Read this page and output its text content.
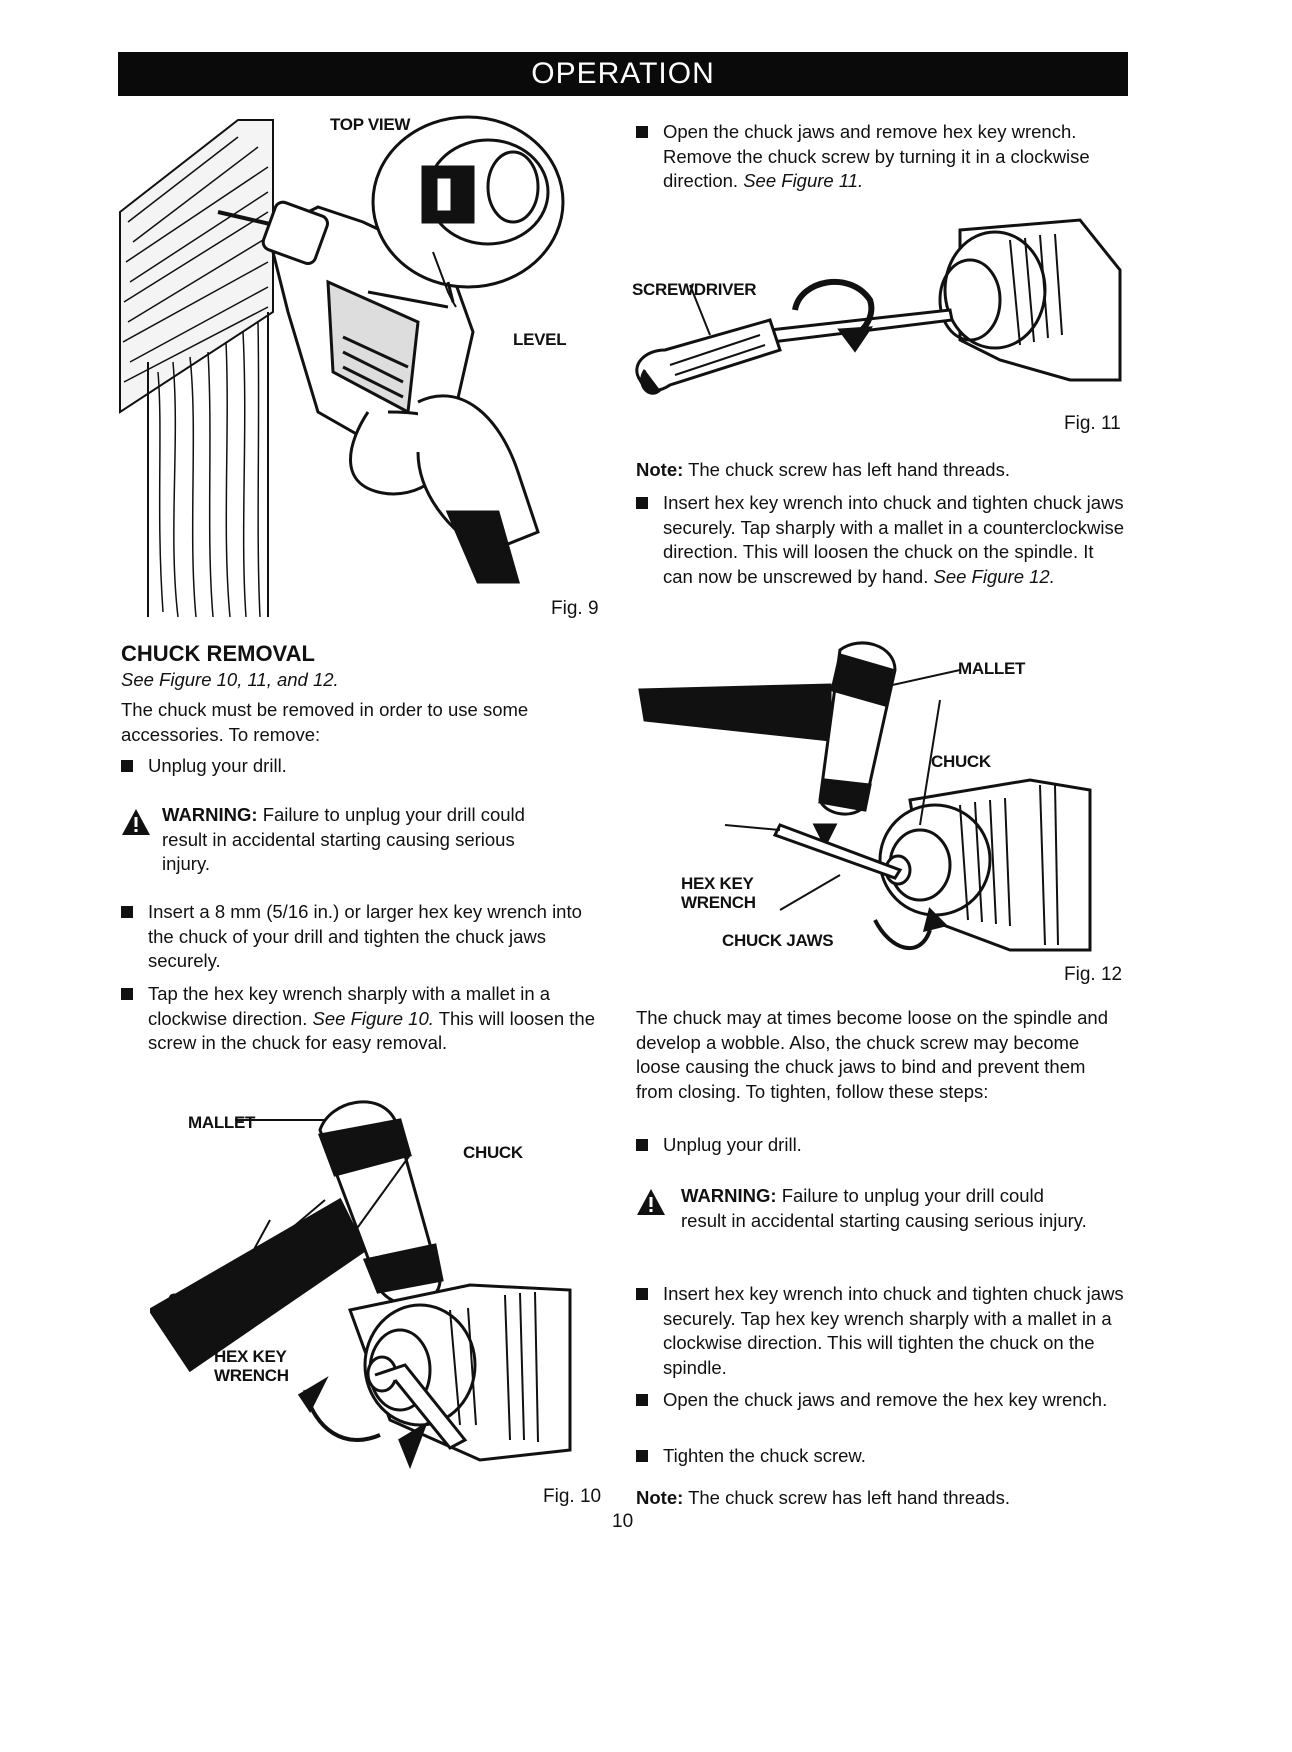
OPERATION
TOP VIEW
LEVEL
Fig. 9
CHUCK REMOVAL
See Figure 10, 11, and 12.
The chuck must be removed in order to use some accessories. To remove:
Unplug your drill.
WARNING: Failure to unplug your drill could result in accidental starting causing serious injury.
Insert a 8 mm (5/16 in.) or larger hex key wrench into the chuck of your drill and tighten the chuck jaws securely.
Tap the hex key wrench sharply with a mallet in a clockwise direction. See Figure 10. This will loosen the screw in the chuck for easy removal.
MALLET
CHUCK
CHUCK JAWS
HEX KEY
WRENCH
Fig. 10
Open the chuck jaws and remove hex key wrench. Remove the chuck screw by turning it in a clockwise direction. See Figure 11.
SCREWDRIVER
Fig. 11
Note: The chuck screw has left hand threads.
Insert hex key wrench into chuck and tighten chuck jaws securely. Tap sharply with a mallet in a counterclockwise direction. This will loosen the chuck on the spindle. It can now be unscrewed by hand. See Figure 12.
MALLET
CHUCK
HEX KEY
WRENCH
CHUCK JAWS
Fig. 12
The chuck may at times become loose on the spindle and develop a wobble. Also, the chuck screw may become loose causing the chuck jaws to bind and prevent them from closing. To tighten, follow these steps:
Unplug your drill.
WARNING: Failure to unplug your drill could result in accidental starting causing serious injury.
Insert hex key wrench into chuck and tighten chuck jaws securely. Tap hex key wrench sharply with a mallet in a clockwise direction. This will tighten the chuck on the spindle.
Open the chuck jaws and remove the hex key wrench.
Tighten the chuck screw.
Note: The chuck screw has left hand threads.
10
